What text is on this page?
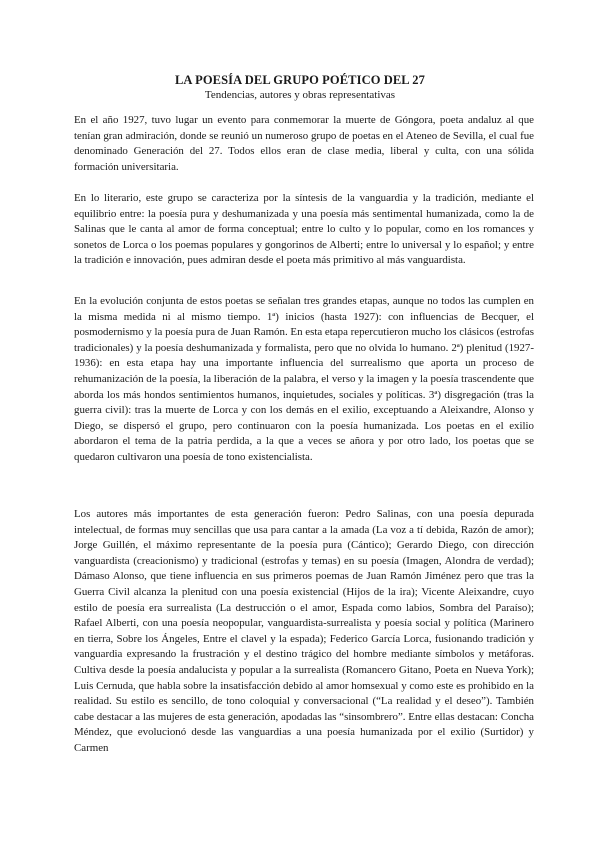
LA POESÍA DEL GRUPO POÉTICO DEL 27

Tendencias, autores y obras representativas

En el año 1927, tuvo lugar un evento para conmemorar la muerte de Góngora, poeta andaluz al que tenían gran admiración, donde se reunió un numeroso grupo de poetas en el Ateneo de Sevilla, el cual fue denominado Generación del 27. Todos ellos eran de clase media, liberal y culta, con una sólida formación universitaria.

En lo literario, este grupo se caracteriza por la síntesis de la vanguardia y la tradición, mediante el equilibrio entre: la poesía pura y deshumanizada y una poesía más sentimental humanizada, como la de Salinas que le canta al amor de forma conceptual; entre lo culto y lo popular, como en los romances y sonetos de Lorca o los poemas populares y gongorinos de Alberti; entre lo universal y lo español; y entre la tradición e innovación, pues admiran desde el poeta más primitivo al más vanguardista.

En la evolución conjunta de estos poetas se señalan tres grandes etapas, aunque no todos las cumplen en la misma medida ni al mismo tiempo. 1ª) inicios (hasta 1927): con influencias de Becquer, el posmodernismo y la poesía pura de Juan Ramón. En esta etapa repercutieron mucho los clásicos (estrofas tradicionales) y la poesía deshumanizada y formalista, pero que no olvida lo humano. 2ª) plenitud (1927-1936): en esta etapa hay una importante influencia del surrealismo que aporta un proceso de rehumanización de la poesía, la liberación de la palabra, el verso y la imagen y la poesía trascendente que aborda los más hondos sentimientos humanos, inquietudes, sociales y políticas. 3ª) disgregación (tras la guerra civil): tras la muerte de Lorca y con los demás en el exilio, exceptuando a Aleixandre, Alonso y Diego, se dispersó el grupo, pero continuaron con la poesía humanizada. Los poetas en el exilio abordaron el tema de la patria perdida, a la que a veces se añora y por otro lado, los poetas que se quedaron cultivaron una poesía de tono existencialista.

Los autores más importantes de esta generación fueron: Pedro Salinas, con una poesía depurada intelectual, de formas muy sencillas que usa para cantar a la amada (La voz a tí debida, Razón de amor); Jorge Guillén, el máximo representante de la poesía pura (Cántico); Gerardo Diego, con dirección vanguardista (creacionismo) y tradicional (estrofas y temas) en su poesía (Imagen, Alondra de verdad); Dámaso Alonso, que tiene influencia en sus primeros poemas de Juan Ramón Jiménez pero que tras la Guerra Civil alcanza la plenitud con una poesía existencial (Hijos de la ira); Vicente Aleixandre, cuyo estilo de poesía era surrealista (La destrucción o el amor, Espada como labios, Sombra del Paraíso); Rafael Alberti, con una poesía neopopular, vanguardista-surrealista y poesía social y política (Marinero en tierra, Sobre los Ángeles, Entre el clavel y la espada); Federico García Lorca, fusionando tradición y vanguardia expresando la frustración y el destino trágico del hombre mediante símbolos y metáforas. Cultiva desde la poesía andalucista y popular a la surrealista (Romancero Gitano, Poeta en Nueva York); Luis Cernuda, que habla sobre la insatisfacción debido al amor homsexual y como este es prohibido en la realidad. Su estilo es sencillo, de tono coloquial y conversacional (“La realidad y el deseo”). También cabe destacar a las mujeres de esta generación, apodadas las “sinsombrero”. Entre ellas destacan: Concha Méndez, que evolucionó desde las vanguardias a una poesía humanizada por el exilio (Surtidor) y Carmen
